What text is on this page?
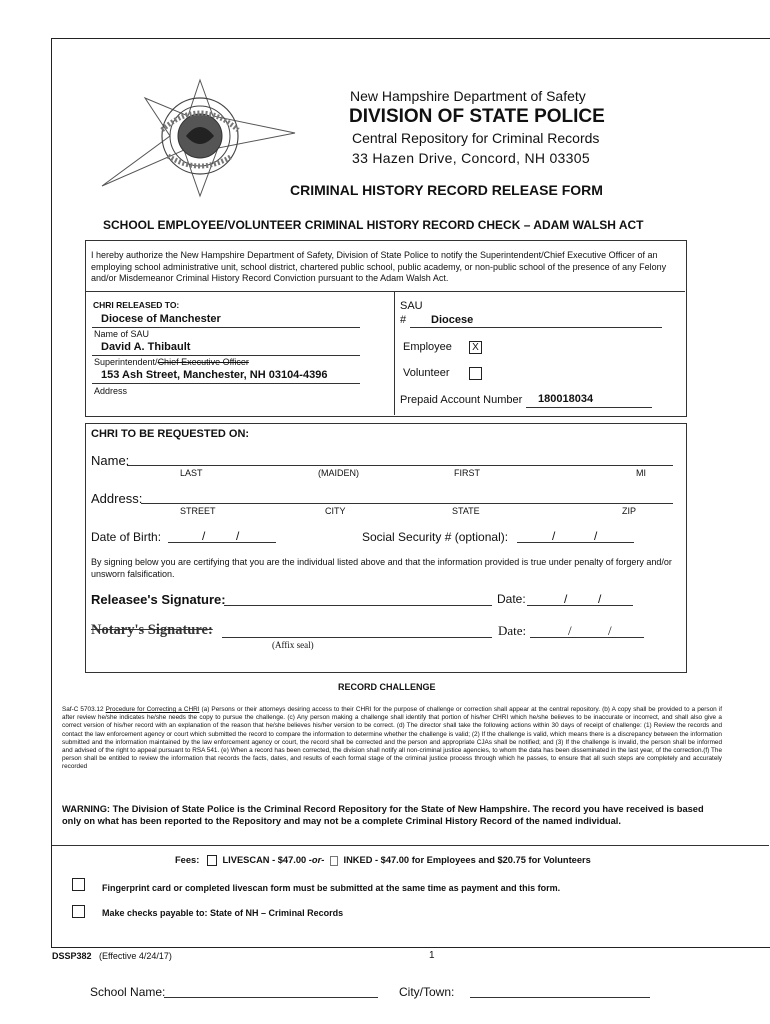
New Hampshire Department of Safety
DIVISION OF STATE POLICE
Central Repository for Criminal Records
33 Hazen Drive, Concord, NH 03305
CRIMINAL HISTORY RECORD RELEASE FORM
SCHOOL EMPLOYEE/VOLUNTEER CRIMINAL HISTORY RECORD CHECK – ADAM WALSH ACT
I hereby authorize the New Hampshire Department of Safety, Division of State Police to notify the Superintendent/Chief Executive Officer of an employing school administrative unit, school district, chartered public school, public academy, or non-public school of the presence of any Felony and/or Misdemeanor Criminal History Record Conviction pursuant to the Adam Walsh Act.
CHRI RELEASED TO:
Diocese of Manchester
Name of SAU
David A. Thibault
Superintendent/Chief Executive Officer
153 Ash Street, Manchester, NH 03104-4396
Address
SAU
# Diocese
Employee	X
Volunteer
Prepaid Account Number 180018034
CHRI TO BE REQUESTED ON:
Name:
LAST	(MAIDEN)	FIRST	MI
Address:
STREET	CITY	STATE	ZIP
Date of Birth:	/	/	Social Security # (optional):	/	/
By signing below you are certifying that you are the individual listed above and that the information provided is true under penalty of forgery and/or unsworn falsification.
Releasee's Signature:	Date:	/	/
Notary's Signature:	Date:	/	/
(Affix seal)
RECORD CHALLENGE
Saf-C 5703.12 Procedure for Correcting a CHRI (a) Persons or their attorneys desiring access to their CHRI for the purpose of challenge or correction shall appear at the central repository. (b) A copy shall be provided to a person if after review he/she indicates he/she needs the copy to pursue the challenge. (c) Any person making a challenge shall identify that portion of his/her CHRI which he/she believes to be inaccurate or incorrect, and shall also give a correct version of his/her record with an explanation of the reason that he/she believes his/her version to be correct. (d) The director shall take the following actions within 30 days of receipt of challenge: (1) Review the records and contact the law enforcement agency or court which submitted the record to compare the information to determine whether the challenge is valid; (2) If the challenge is valid, which means there is a discrepancy between the information submitted and the information maintained by the law enforcement agency or court, the record shall be corrected and the person and appropriate CJAs shall be notified; and (3) If the challenge is invalid, the person shall be informed and advised of the right to appeal pursuant to RSA 541. (e) When a record has been corrected, the division shall notify all non-criminal justice agencies, to whom the data has been disseminated in the last year, of the correction.(f) The person shall be entitled to review the information that records the facts, dates, and results of each formal stage of the criminal justice process through which he passes, to ensure that all such steps are completely and accurately recorded
WARNING: The Division of State Police is the Criminal Record Repository for the State of New Hampshire. The record you have received is based only on what has been reported to the Repository and may not be a complete Criminal History Record of the named individual.
Fees: LIVESCAN - $47.00 -or- INKED - $47.00 for Employees and $20.75 for Volunteers
Fingerprint card or completed livescan form must be submitted at the same time as payment and this form.
Make checks payable to: State of NH – Criminal Records
DSSP382 (Effective 4/24/17)	1
School Name:	City/Town:
